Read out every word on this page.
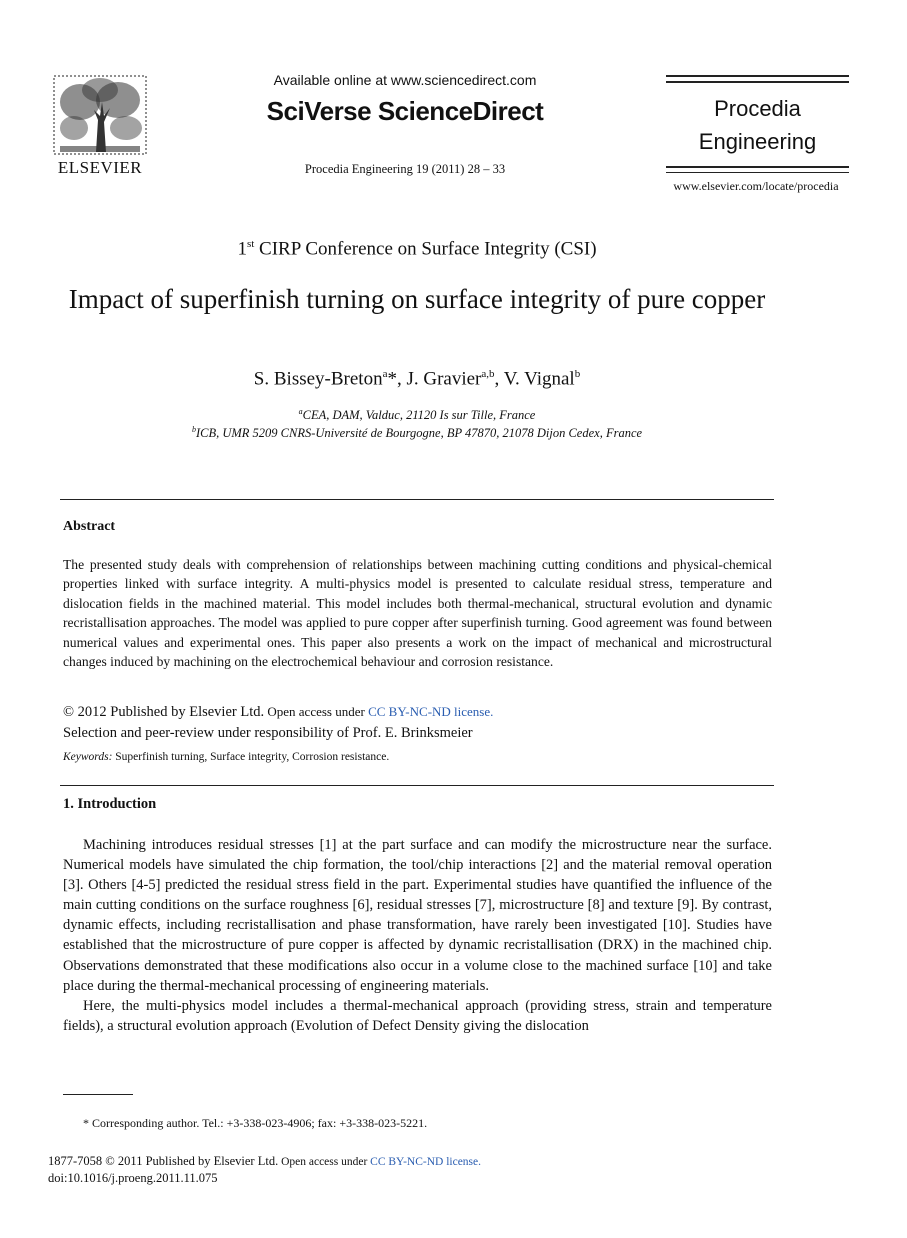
ELSEVIER
Available online at www.sciencedirect.com
SciVerse ScienceDirect
Procedia Engineering 19 (2011) 28 – 33
Procedia
Engineering
www.elsevier.com/locate/procedia
1st CIRP Conference on Surface Integrity (CSI)
Impact of superfinish turning on surface integrity of pure copper
S. Bissey-Breton$^a$*, J. Gravier$^{a,b}$, V. Vignal$^b$
$^a$CEA, DAM, Valduc, 21120 Is sur Tille, France
$^b$ICB, UMR 5209 CNRS-Université de Bourgogne, BP 47870, 21078 Dijon Cedex, France
Abstract
The presented study deals with comprehension of relationships between machining cutting conditions and physical-chemical properties linked with surface integrity. A multi-physics model is presented to calculate residual stress, temperature and dislocation fields in the machined material. This model includes both thermal-mechanical, structural evolution and dynamic recristallisation approaches. The model was applied to pure copper after superfinish turning. Good agreement was found between numerical values and experimental ones. This paper also presents a work on the impact of mechanical and microstructural changes induced by machining on the electrochemical behaviour and corrosion resistance.
© 2012 Published by Elsevier Ltd. Open access under CC BY-NC-ND license.
Selection and peer-review under responsibility of Prof. E. Brinksmeier
Keywords: Superfinish turning, Surface integrity, Corrosion resistance.
1. Introduction

Machining introduces residual stresses [1] at the part surface and can modify the microstructure near the surface. Numerical models have simulated the chip formation, the tool/chip interactions [2] and the material removal operation [3]. Others [4-5] predicted the residual stress field in the part. Experimental studies have quantified the influence of the main cutting conditions on the surface roughness [6], residual stresses [7], microstructure [8] and texture [9]. By contrast, dynamic effects, including recristallisation and phase transformation, have rarely been investigated [10]. Studies have established that the microstructure of pure copper is affected by dynamic recristallisation (DRX) in the machined chip. Observations demonstrated that these modifications also occur in a volume close to the machined surface [10] and take place during the thermal-mechanical processing of engineering materials.

Here, the multi-physics model includes a thermal-mechanical approach (providing stress, strain and temperature fields), a structural evolution approach (Evolution of Defect Density giving the dislocation

* Corresponding author. Tel.: +3-338-023-4906; fax: +3-338-023-5221.
1877-7058 © 2011 Published by Elsevier Ltd. Open access under CC BY-NC-ND license.
doi:10.1016/j.proeng.2011.11.075
